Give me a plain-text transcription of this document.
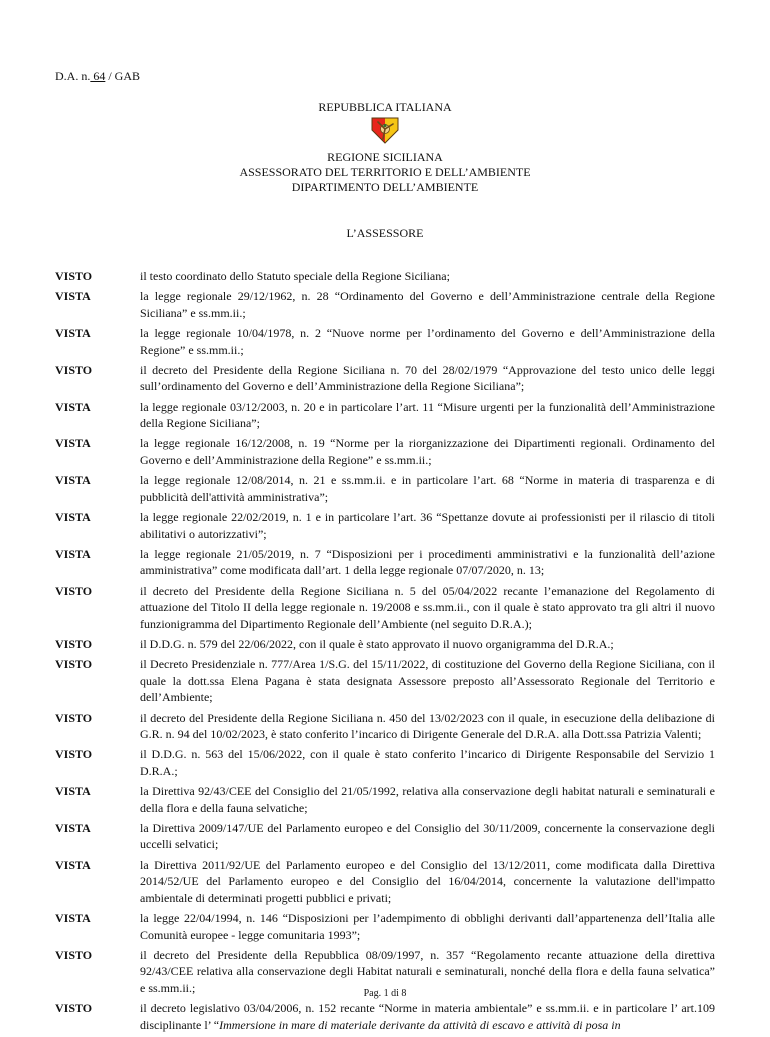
D.A. n. 64 / GAB
REPUBBLICA ITALIANA
REGIONE SICILIANA
ASSESSORATO DEL TERRITORIO E DELL’AMBIENTE
DIPARTIMENTO DELL’AMBIENTE
L’ASSESSORE
VISTO	il testo coordinato dello Statuto speciale della Regione Siciliana;
VISTA	la legge regionale 29/12/1962, n. 28 “Ordinamento del Governo e dell’Amministrazione centrale della Regione Siciliana” e ss.mm.ii.;
VISTA	la legge regionale 10/04/1978, n. 2 “Nuove norme per l’ordinamento del Governo e dell’Amministrazione della Regione” e ss.mm.ii.;
VISTO	il decreto del Presidente della Regione Siciliana n. 70 del 28/02/1979 “Approvazione del testo unico delle leggi sull’ordinamento del Governo e dell’Amministrazione della Regione Siciliana”;
VISTA	la legge regionale 03/12/2003, n. 20 e in particolare l’art. 11 “Misure urgenti per la funzionalità dell’Amministrazione della Regione Siciliana”;
VISTA	la legge regionale 16/12/2008, n. 19 “Norme per la riorganizzazione dei Dipartimenti regionali. Ordinamento del Governo e dell’Amministrazione della Regione” e ss.mm.ii.;
VISTA	la legge regionale 12/08/2014, n. 21 e ss.mm.ii. e in particolare l’art. 68 “Norme in materia di trasparenza e di pubblicità dell'attività amministrativa”;
VISTA	la legge regionale 22/02/2019, n. 1 e in particolare l’art. 36 “Spettanze dovute ai professionisti per il rilascio di titoli abilitativi o autorizzativi”;
VISTA	la legge regionale 21/05/2019, n. 7 “Disposizioni per i procedimenti amministrativi e la funzionalità dell’azione amministrativa” come modificata dall’art. 1 della legge regionale 07/07/2020, n. 13;
VISTO	il decreto del Presidente della Regione Siciliana n. 5 del 05/04/2022 recante l’emanazione del Regolamento di attuazione del Titolo II della legge regionale n. 19/2008 e ss.mm.ii., con il quale è stato approvato tra gli altri il nuovo funzionigramma del Dipartimento Regionale dell’Ambiente (nel seguito D.R.A.);
VISTO	il D.D.G. n. 579 del 22/06/2022, con il quale è stato approvato il nuovo organigramma del D.R.A.;
VISTO	il Decreto Presidenziale n. 777/Area 1/S.G. del 15/11/2022, di costituzione del Governo della Regione Siciliana, con il quale la dott.ssa Elena Pagana è stata designata Assessore preposto all’Assessorato Regionale del Territorio e dell’Ambiente;
VISTO	il decreto del Presidente della Regione Siciliana n. 450 del 13/02/2023 con il quale, in esecuzione della delibazione di G.R. n. 94 del 10/02/2023, è stato conferito l’incarico di Dirigente Generale del D.R.A. alla Dott.ssa Patrizia Valenti;
VISTO	il D.D.G. n. 563 del 15/06/2022, con il quale è stato conferito l’incarico di Dirigente Responsabile del Servizio 1 D.R.A.;
VISTA	la Direttiva 92/43/CEE del Consiglio del 21/05/1992, relativa alla conservazione degli habitat naturali e seminaturali e della flora e della fauna selvatiche;
VISTA	la Direttiva 2009/147/UE del Parlamento europeo e del Consiglio del 30/11/2009, concernente la conservazione degli uccelli selvatici;
VISTA	la Direttiva 2011/92/UE del Parlamento europeo e del Consiglio del 13/12/2011, come modificata dalla Direttiva 2014/52/UE del Parlamento europeo e del Consiglio del 16/04/2014, concernente la valutazione dell'impatto ambientale di determinati progetti pubblici e privati;
VISTA	la legge 22/04/1994, n. 146 “Disposizioni per l’adempimento di obblighi derivanti dall’appartenenza dell’Italia alle Comunità europee - legge comunitaria 1993”;
VISTO	il decreto del Presidente della Repubblica 08/09/1997, n. 357 “Regolamento recante attuazione della direttiva 92/43/CEE relativa alla conservazione degli Habitat naturali e seminaturali, nonché della flora e della fauna selvatica” e ss.mm.ii.;
VISTO	il decreto legislativo 03/04/2006, n. 152 recante “Norme in materia ambientale” e ss.mm.ii. e in particolare l’ art.109 disciplinante l’ “Immersione in mare di materiale derivante da attività di escavo e attività di posa in
Pag. 1 di 8
